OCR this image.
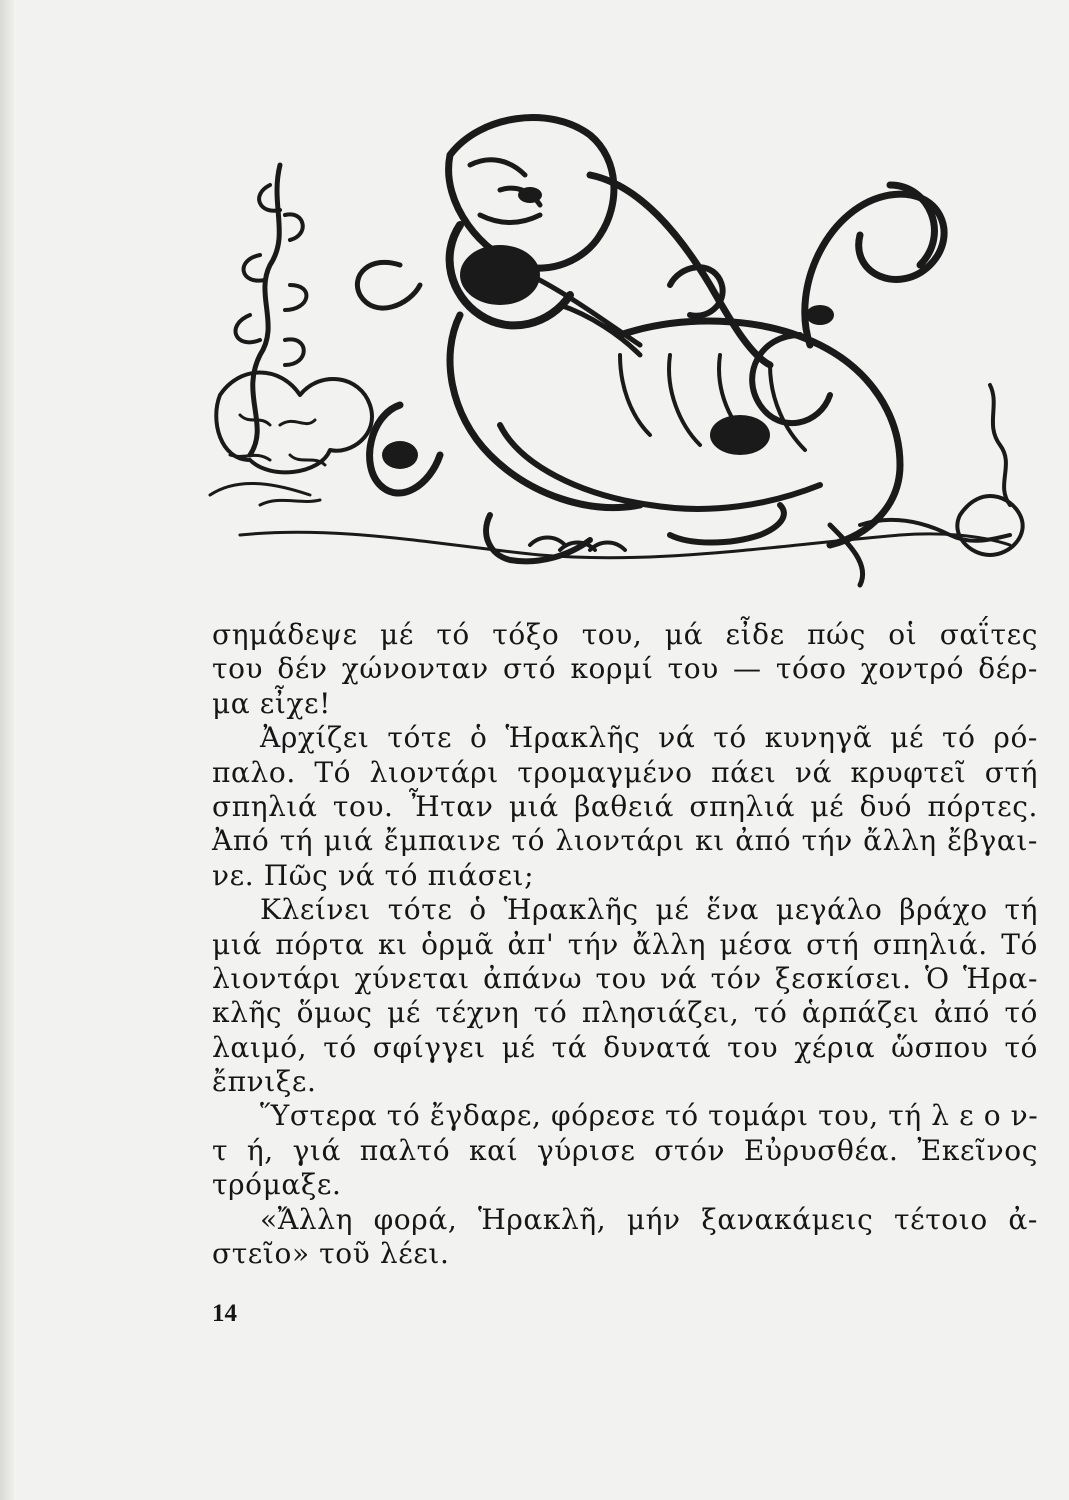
σημάδεψε μέ τό τόξο του, μά εἶδε πώς οἱ σαΐτες
του δέν χώνονταν στό κορμί του — τόσο χοντρό δέρ-
μα εἶχε!
Ἀρχίζει τότε ὁ Ἡρακλῆς νά τό κυνηγᾶ μέ τό ρό-
παλο. Τό λιοντάρι τρομαγμένο πάει νά κρυφτεῖ στή
σπηλιά του. Ἦταν μιά βαθειά σπηλιά μέ δυό πόρτες.
Ἀπό τή μιά ἔμπαινε τό λιοντάρι κι ἀπό τήν ἄλλη ἔβγαι-
νε. Πῶς νά τό πιάσει;
Κλείνει τότε ὁ Ἡρακλῆς μέ ἕνα μεγάλο βράχο τή
μιά πόρτα κι ὁρμᾶ ἀπ' τήν ἄλλη μέσα στή σπηλιά. Τό
λιοντάρι χύνεται ἀπάνω του νά τόν ξεσκίσει. Ὁ Ἡρα-
κλῆς ὅμως μέ τέχνη τό πλησιάζει, τό ἁρπάζει ἀπό τό
λαιμό, τό σφίγγει μέ τά δυνατά του χέρια ὥσπου τό
ἔπνιξε.
Ὕστερα τό ἔγδαρε, φόρεσε τό τομάρι του, τή λ ε ο ν-
τ ή, γιά παλτό καί γύρισε στόν Εὐρυσθέα. Ἐκεῖνος
τρόμαξε.
«Ἄλλη φορά, Ἡρακλῆ, μήν ξανακάμεις τέτοιο ἀ-
στεῖο» τοῦ λέει.
14
